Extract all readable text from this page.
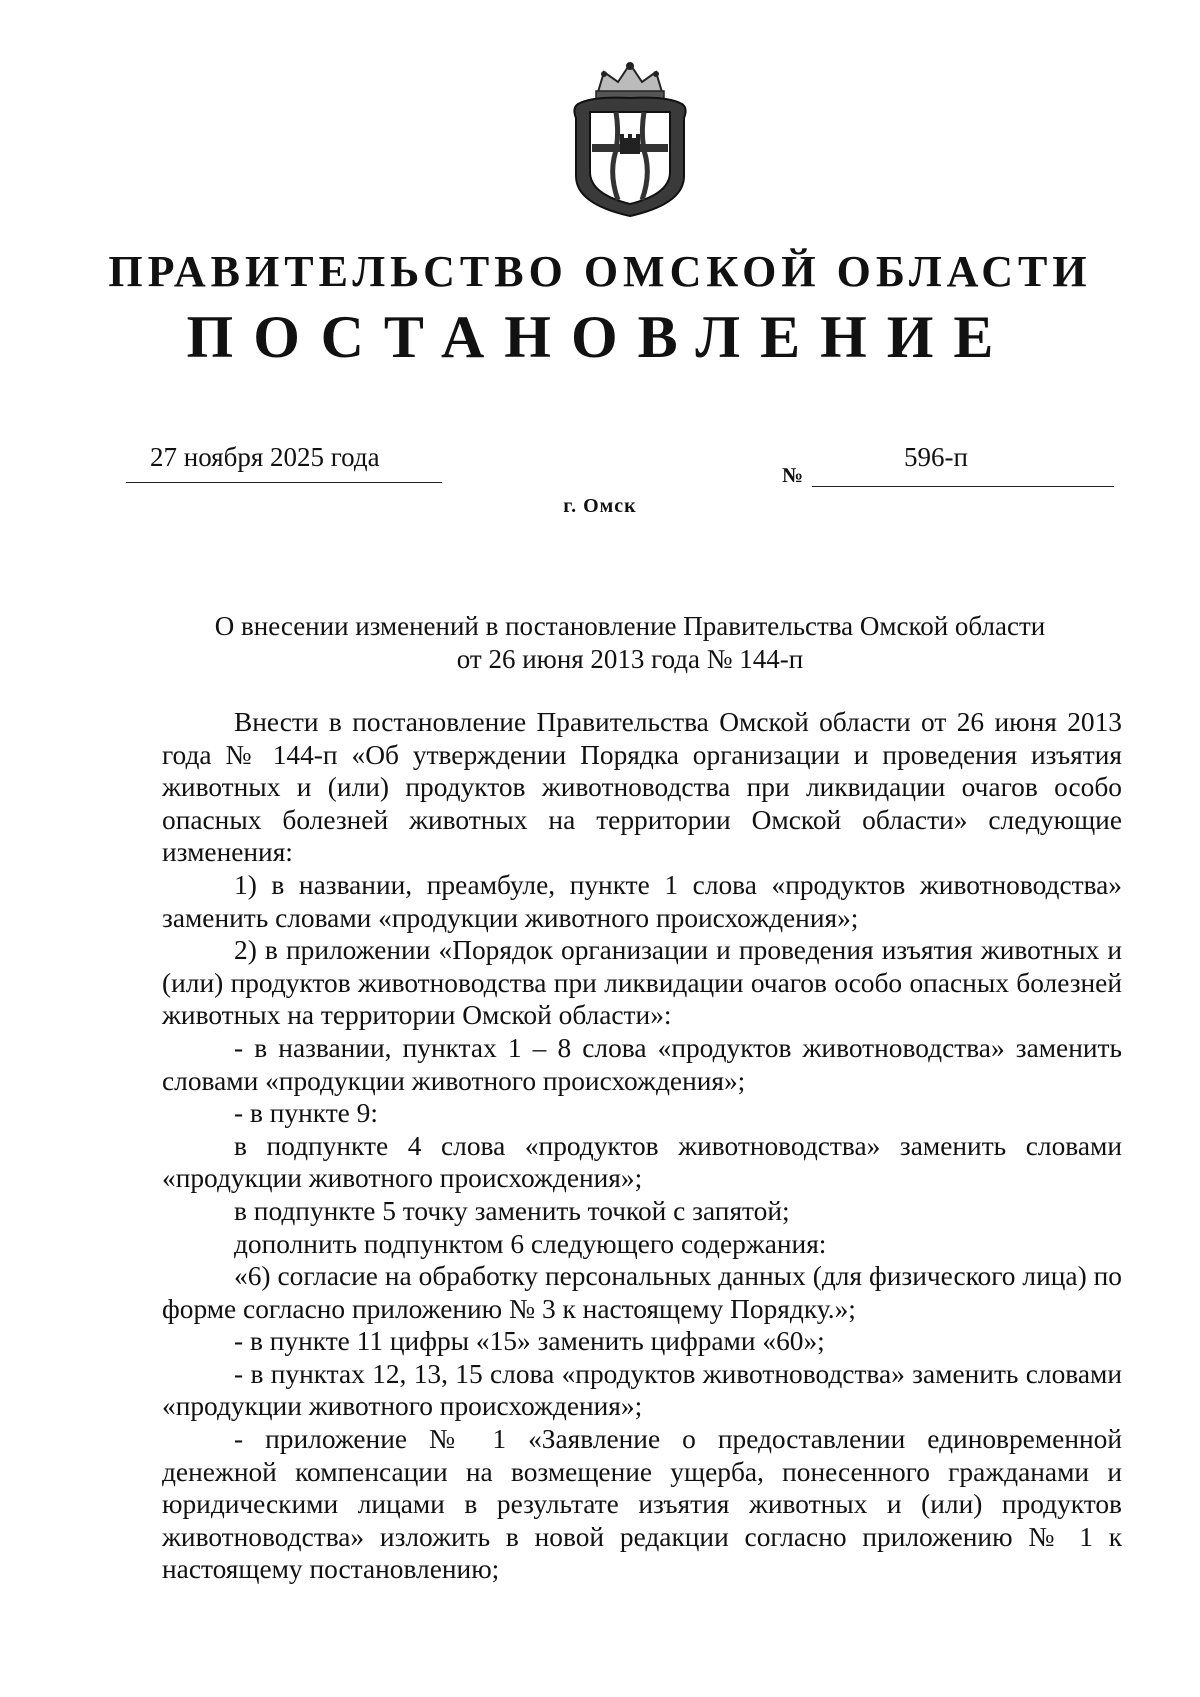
ПРАВИТЕЛЬСТВО ОМСКОЙ ОБЛАСТИ
ПОСТАНОВЛЕНИЕ
27 ноября 2025 года
№
596-п
г. Омск
О внесении изменений в постановление Правительства Омской области
от 26 июня 2013 года № 144-п

Внести в постановление Правительства Омской области от 26 июня 2013 года № 144-п «Об утверждении Порядка организации и проведения изъятия животных и (или) продуктов животноводства при ликвидации очагов особо опасных болезней животных на территории Омской области» следующие изменения:

1) в названии, преамбуле, пункте 1 слова «продуктов животноводства» заменить словами «продукции животного происхождения»;

2) в приложении «Порядок организации и проведения изъятия животных и (или) продуктов животноводства при ликвидации очагов особо опасных болезней животных на территории Омской области»:

- в названии, пунктах 1 – 8 слова «продуктов животноводства» заменить словами «продукции животного происхождения»;

- в пункте 9:

в подпункте 4 слова «продуктов животноводства» заменить словами «продукции животного происхождения»;

в подпункте 5 точку заменить точкой с запятой;

дополнить подпунктом 6 следующего содержания:

«6) согласие на обработку персональных данных (для физического лица) по форме согласно приложению № 3 к настоящему Порядку.»;

- в пункте 11 цифры «15» заменить цифрами «60»;

- в пунктах 12, 13, 15 слова «продуктов животноводства» заменить словами «продукции животного происхождения»;

- приложение № 1 «Заявление о предоставлении единовременной денежной компенсации на возмещение ущерба, понесенного гражданами и юридическими лицами в результате изъятия животных и (или) продуктов животноводства» изложить в новой редакции согласно приложению № 1 к настоящему постановлению;
